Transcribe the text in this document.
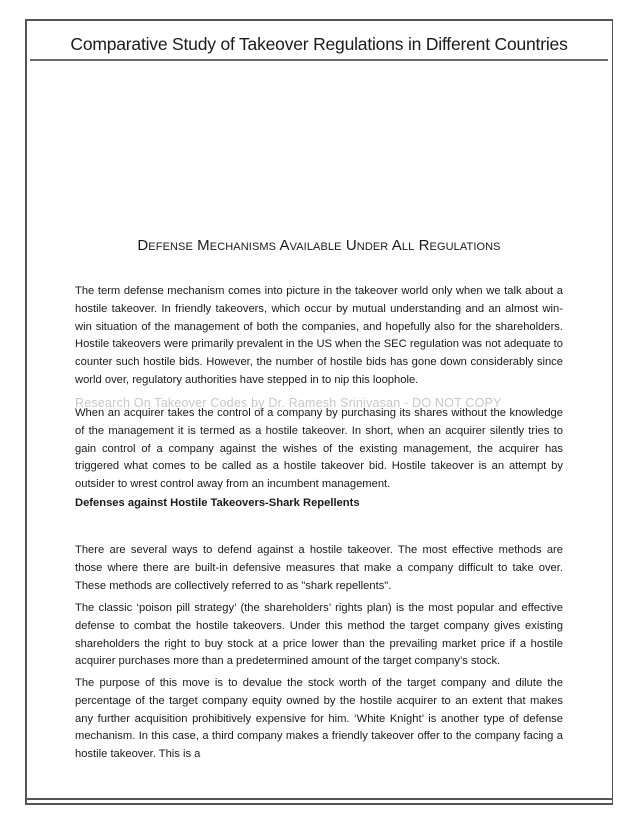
Comparative Study of Takeover Regulations in Different Countries
Defense Mechanisms Available Under All Regulations

The term defense mechanism comes into picture in the takeover world only when we talk about a hostile takeover. In friendly takeovers, which occur by mutual understanding and an almost win-win situation of the management of both the companies, and hopefully also for the shareholders. Hostile takeovers were primarily prevalent in the US when the SEC regulation was not adequate to counter such hostile bids. However, the number of hostile bids has gone down considerably since world over, regulatory authorities have stepped in to nip this loophole.

Research On Takeover Codes by Dr. Ramesh Srinivasan - DO NOT COPY

When an acquirer takes the control of a company by purchasing its shares without the knowledge of the management it is termed as a hostile takeover. In short, when an acquirer silently tries to gain control of a company against the wishes of the existing management, the acquirer has triggered what comes to be called as a hostile takeover bid. Hostile takeover is an attempt by outsider to wrest control away from an incumbent management.

Defenses against Hostile Takeovers-Shark Repellents

There are several ways to defend against a hostile takeover. The most effective methods are those where there are built-in defensive measures that make a company difficult to take over. These methods are collectively referred to as "shark repellents".

The classic ‘poison pill strategy’ (the shareholders’ rights plan) is the most popular and effective defense to combat the hostile takeovers. Under this method the target company gives existing shareholders the right to buy stock at a price lower than the prevailing market price if a hostile acquirer purchases more than a predetermined amount of the target company’s stock.

The purpose of this move is to devalue the stock worth of the target company and dilute the percentage of the target company equity owned by the hostile acquirer to an extent that makes any further acquisition prohibitively expensive for him. ‘White Knight’ is another type of defense mechanism. In this case, a third company makes a friendly takeover offer to the company facing a hostile takeover. This is a
